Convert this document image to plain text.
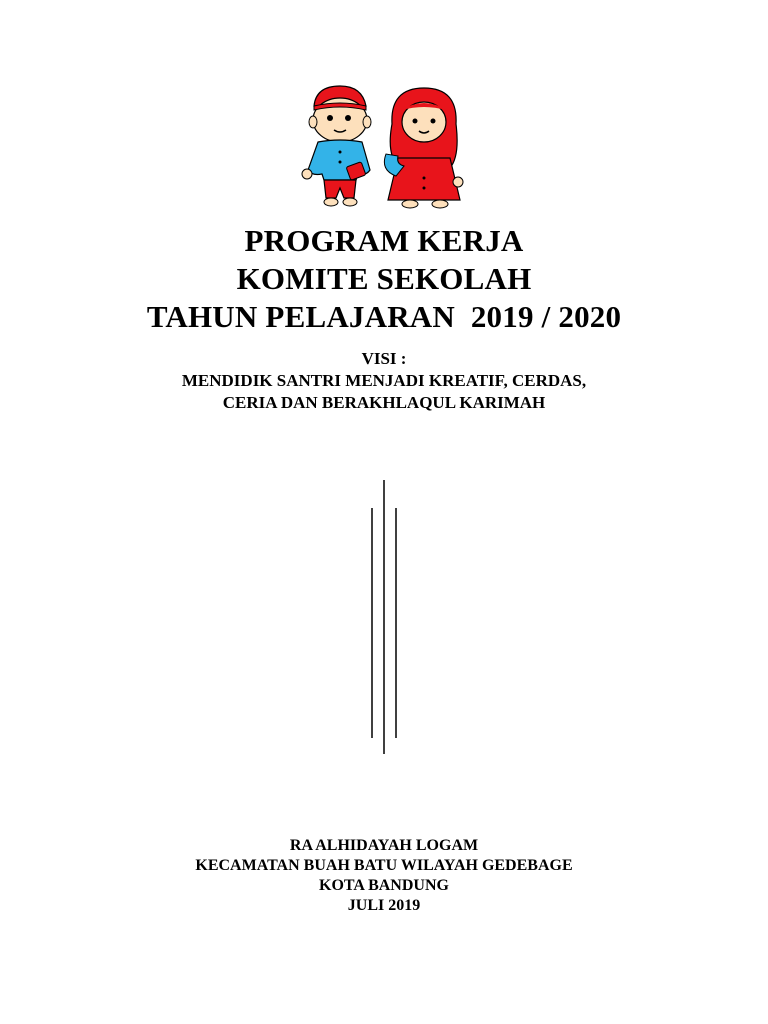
PROGRAM KERJA
KOMITE SEKOLAH
TAHUN PELAJARAN  2019 / 2020
VISI :
MENDIDIK SANTRI MENJADI KREATIF, CERDAS,
CERIA DAN BERAKHLAQUL KARIMAH
RA ALHIDAYAH LOGAM
KECAMATAN BUAH BATU WILAYAH GEDEBAGE
KOTA BANDUNG
JULI 2019
